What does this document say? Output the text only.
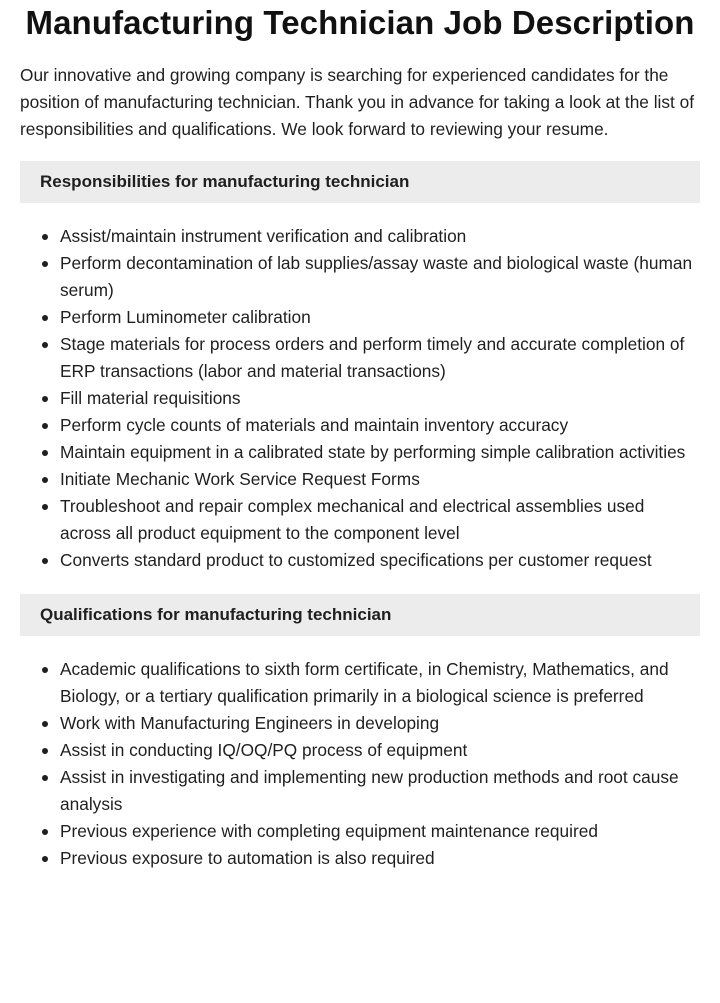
Manufacturing Technician Job Description

Our innovative and growing company is searching for experienced candidates for the position of manufacturing technician. Thank you in advance for taking a look at the list of responsibilities and qualifications. We look forward to reviewing your resume.

Responsibilities for manufacturing technician
Assist/maintain instrument verification and calibration
Perform decontamination of lab supplies/assay waste and biological waste (human serum)
Perform Luminometer calibration
Stage materials for process orders and perform timely and accurate completion of ERP transactions (labor and material transactions)
Fill material requisitions
Perform cycle counts of materials and maintain inventory accuracy
Maintain equipment in a calibrated state by performing simple calibration activities
Initiate Mechanic Work Service Request Forms
Troubleshoot and repair complex mechanical and electrical assemblies used across all product equipment to the component level
Converts standard product to customized specifications per customer request
Qualifications for manufacturing technician
Academic qualifications to sixth form certificate, in Chemistry, Mathematics, and Biology, or a tertiary qualification primarily in a biological science is preferred
Work with Manufacturing Engineers in developing
Assist in conducting IQ/OQ/PQ process of equipment
Assist in investigating and implementing new production methods and root cause analysis
Previous experience with completing equipment maintenance required
Previous exposure to automation is also required
